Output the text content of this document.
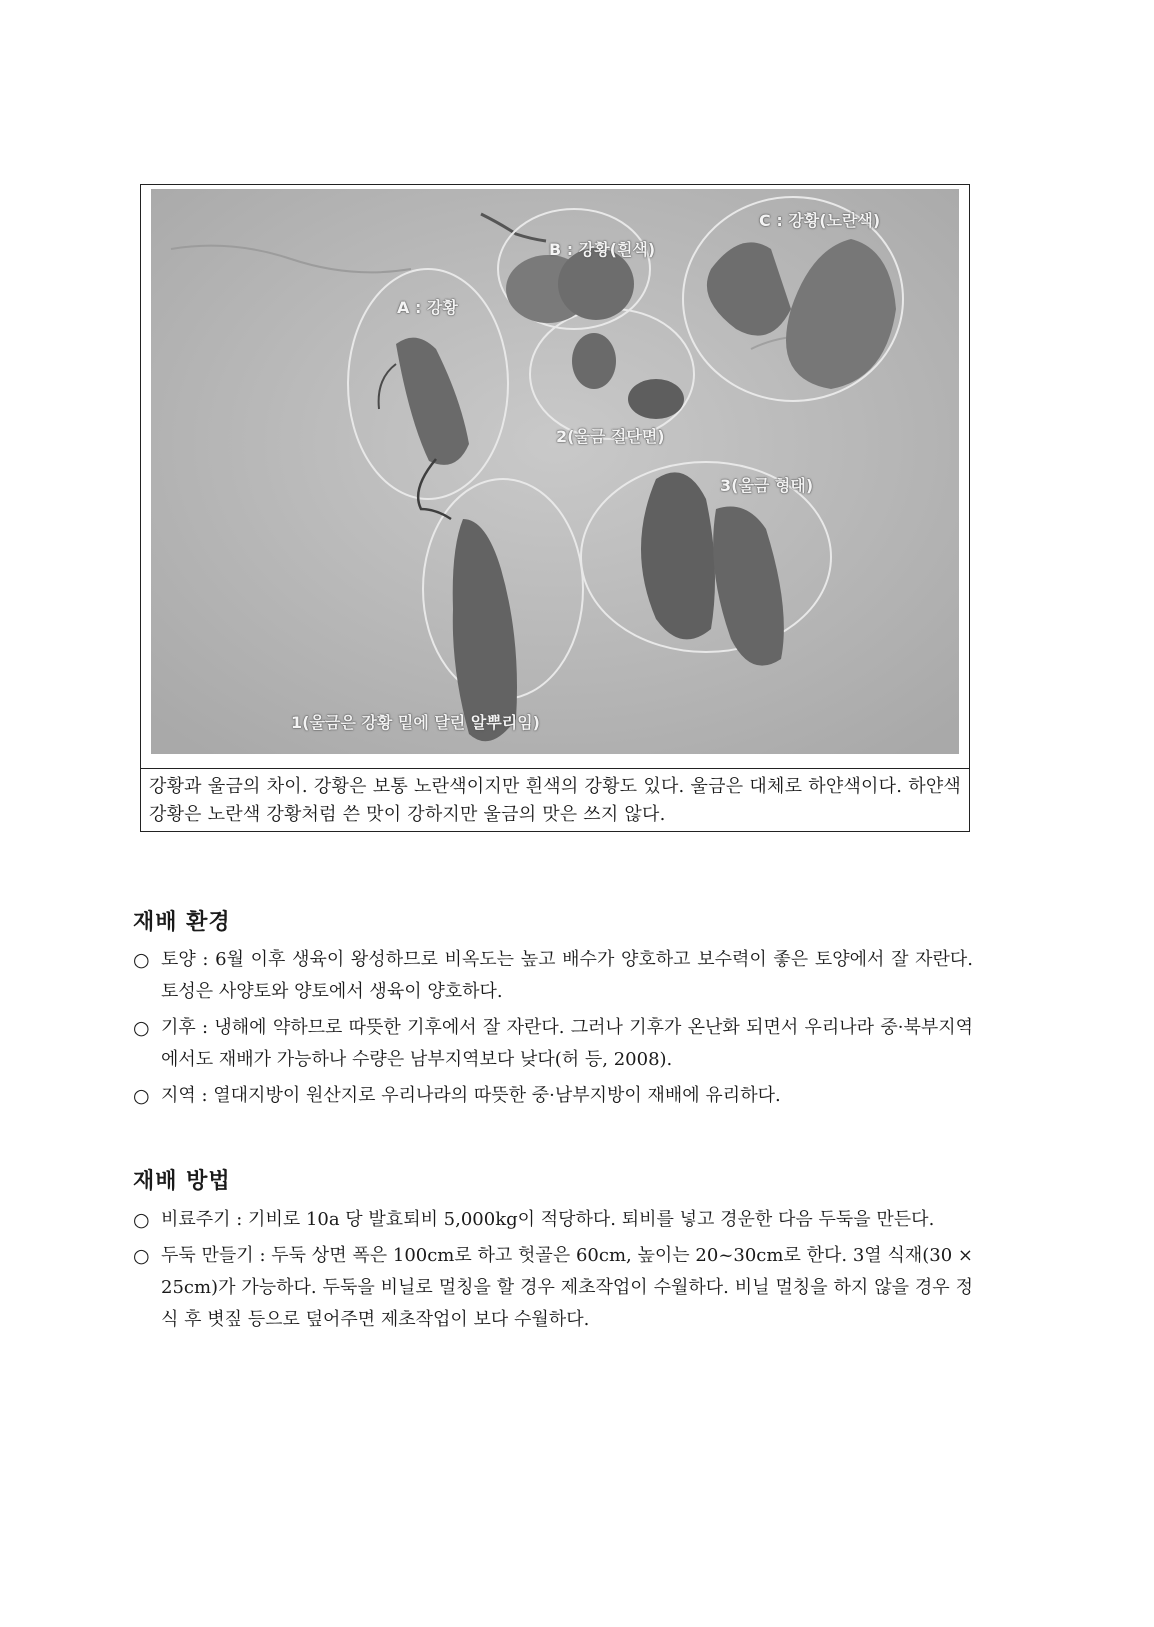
C : 강황(노란색)
B : 강황(흰색)
A : 강황
2(울금 절단면)
3(울금 형태)
1(울금은 강황 밑에 달린 알뿌리임)
강황과 울금의 차이. 강황은 보통 노란색이지만 흰색의 강황도 있다. 울금은 대체로 하얀색이다. 하얀색 강황은 노란색 강황처럼 쓴 맛이 강하지만 울금의 맛은 쓰지 않다.
재배 환경
○ 토양 : 6월 이후 생육이 왕성하므로 비옥도는 높고 배수가 양호하고 보수력이 좋은 토양에서 잘 자란다. 토성은 사양토와 양토에서 생육이 양호하다.
○ 기후 : 냉해에 약하므로 따뜻한 기후에서 잘 자란다. 그러나 기후가 온난화 되면서 우리나라 중·북부지역에서도 재배가 가능하나 수량은 남부지역보다 낮다(허 등, 2008).
○ 지역 : 열대지방이 원산지로 우리나라의 따뜻한 중·남부지방이 재배에 유리하다.
재배 방법
○ 비료주기 : 기비로 10a 당 발효퇴비 5,000kg이 적당하다. 퇴비를 넣고 경운한 다음 두둑을 만든다.
○ 두둑 만들기 : 두둑 상면 폭은 100cm로 하고 헛골은 60cm, 높이는 20~30cm로 한다. 3열 식재(30 × 25cm)가 가능하다. 두둑을 비닐로 멀칭을 할 경우 제초작업이 수월하다. 비닐 멀칭을 하지 않을 경우 정식 후 볏짚 등으로 덮어주면 제초작업이 보다 수월하다.
